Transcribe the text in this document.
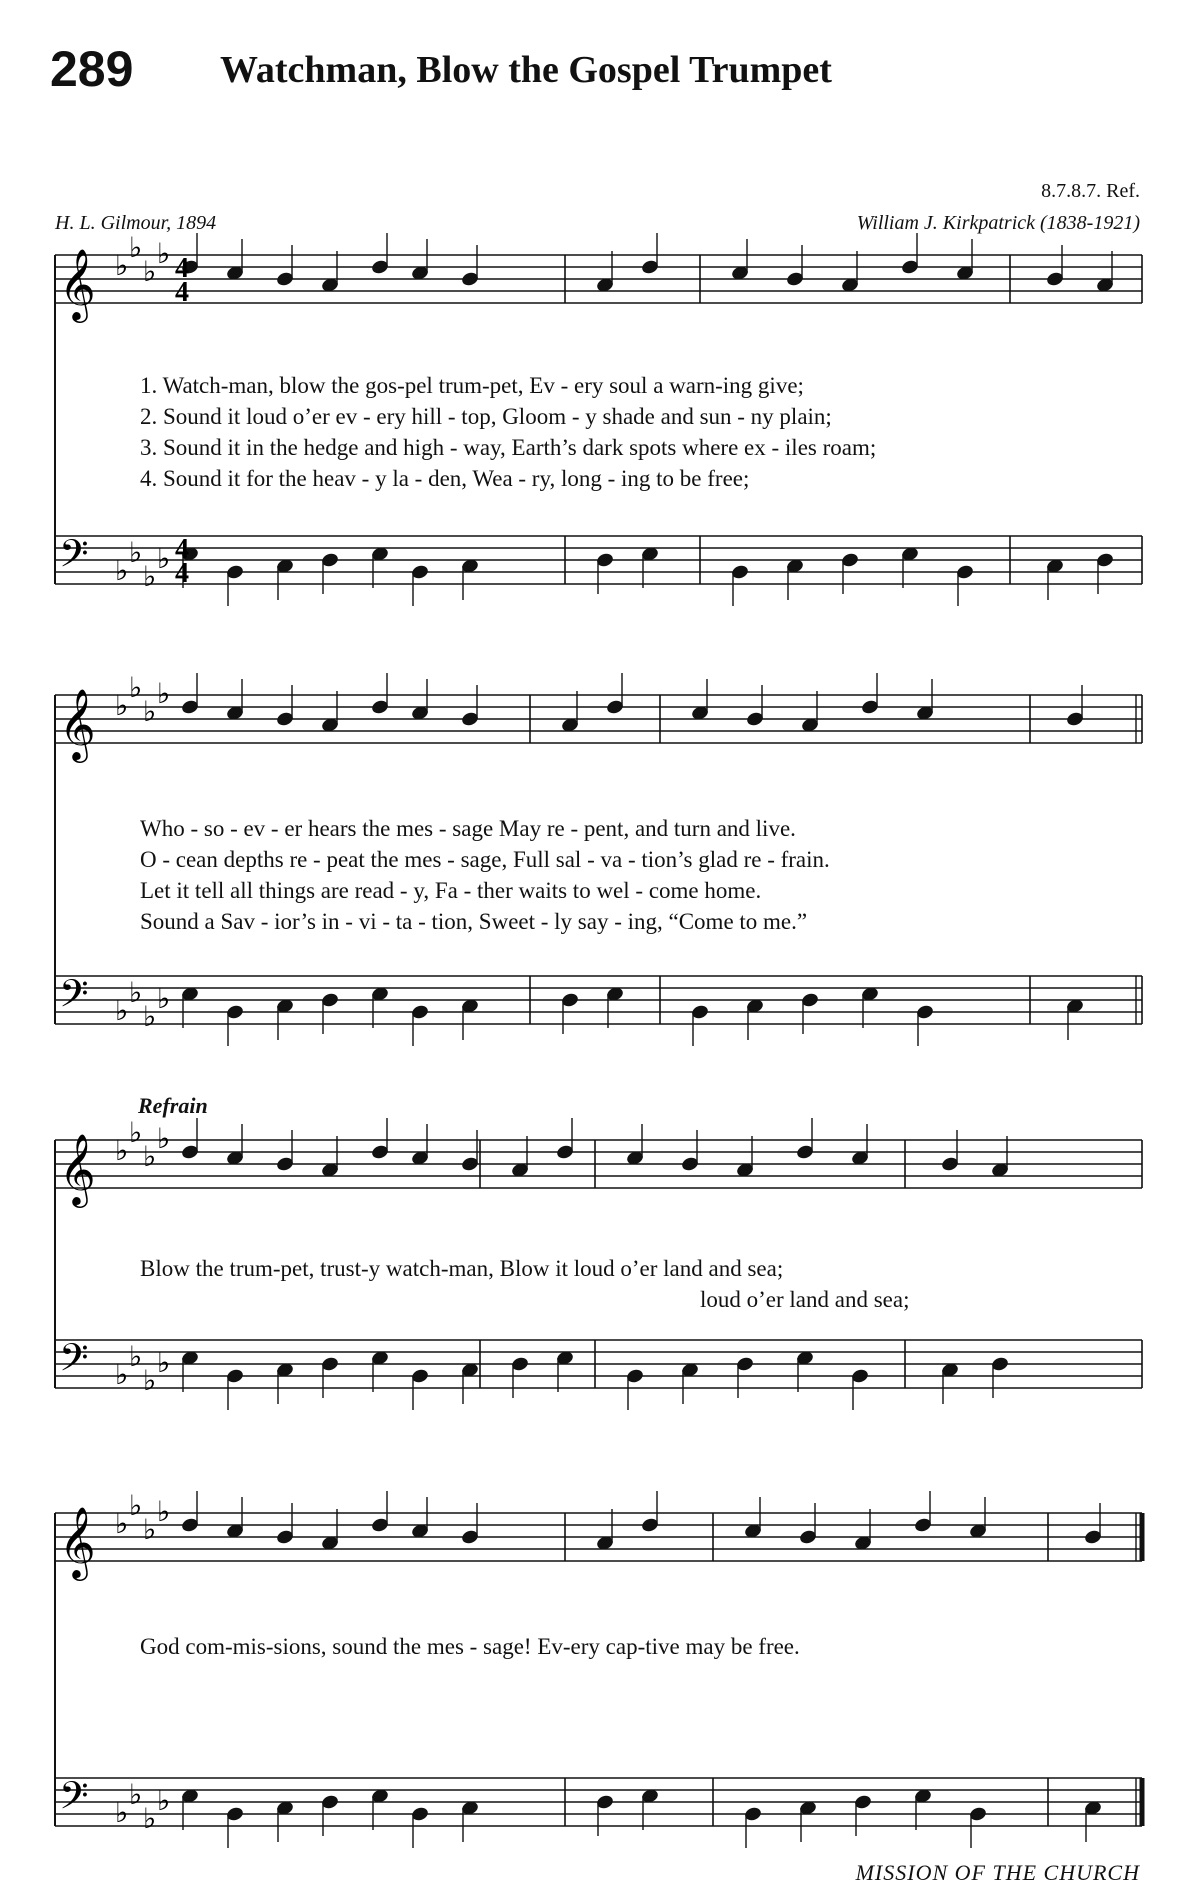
𝄞 ♭
♭
♭
♭
𝄢 ♭
♭
♭
♭
4
4
4
4
𝄞 ♭
♭
♭
♭
𝄢 ♭
♭
♭
♭
𝄞 ♭
♭
♭
♭
𝄢 ♭
♭
♭
♭
𝄞 ♭
♭
♭
♭
𝄢 ♭
♭
♭
♭
289 Watchman, Blow the Gospel Trumpet
8.7.8.7. Ref.
H. L. Gilmour, 1894	William J. Kirkpatrick (1838-1921)
1. Watch-man, blow the gos-pel trum-pet, Ev - ery soul a warn-ing give;
2. Sound it loud o’er ev - ery hill - top, Gloom - y shade and sun - ny plain;
3. Sound it in the hedge and high - way, Earth’s dark spots where ex - iles roam;
4. Sound it for the heav - y la - den, Wea - ry, long - ing to be free;
Who - so - ev - er hears the mes - sage May re - pent, and turn and live.
O - cean depths re - peat the mes - sage, Full sal - va - tion’s glad re - frain.
Let it tell all things are read - y, Fa - ther waits to wel - come home.
Sound a Sav - ior’s in - vi - ta - tion, Sweet - ly say - ing, “Come to me.”
Refrain
Blow the trum-pet, trust-y watch-man, Blow it loud o’er land and sea;
loud o’er land and sea;
God com-mis-sions, sound the mes - sage! Ev-ery cap-tive may be free.
MISSION OF THE CHURCH
